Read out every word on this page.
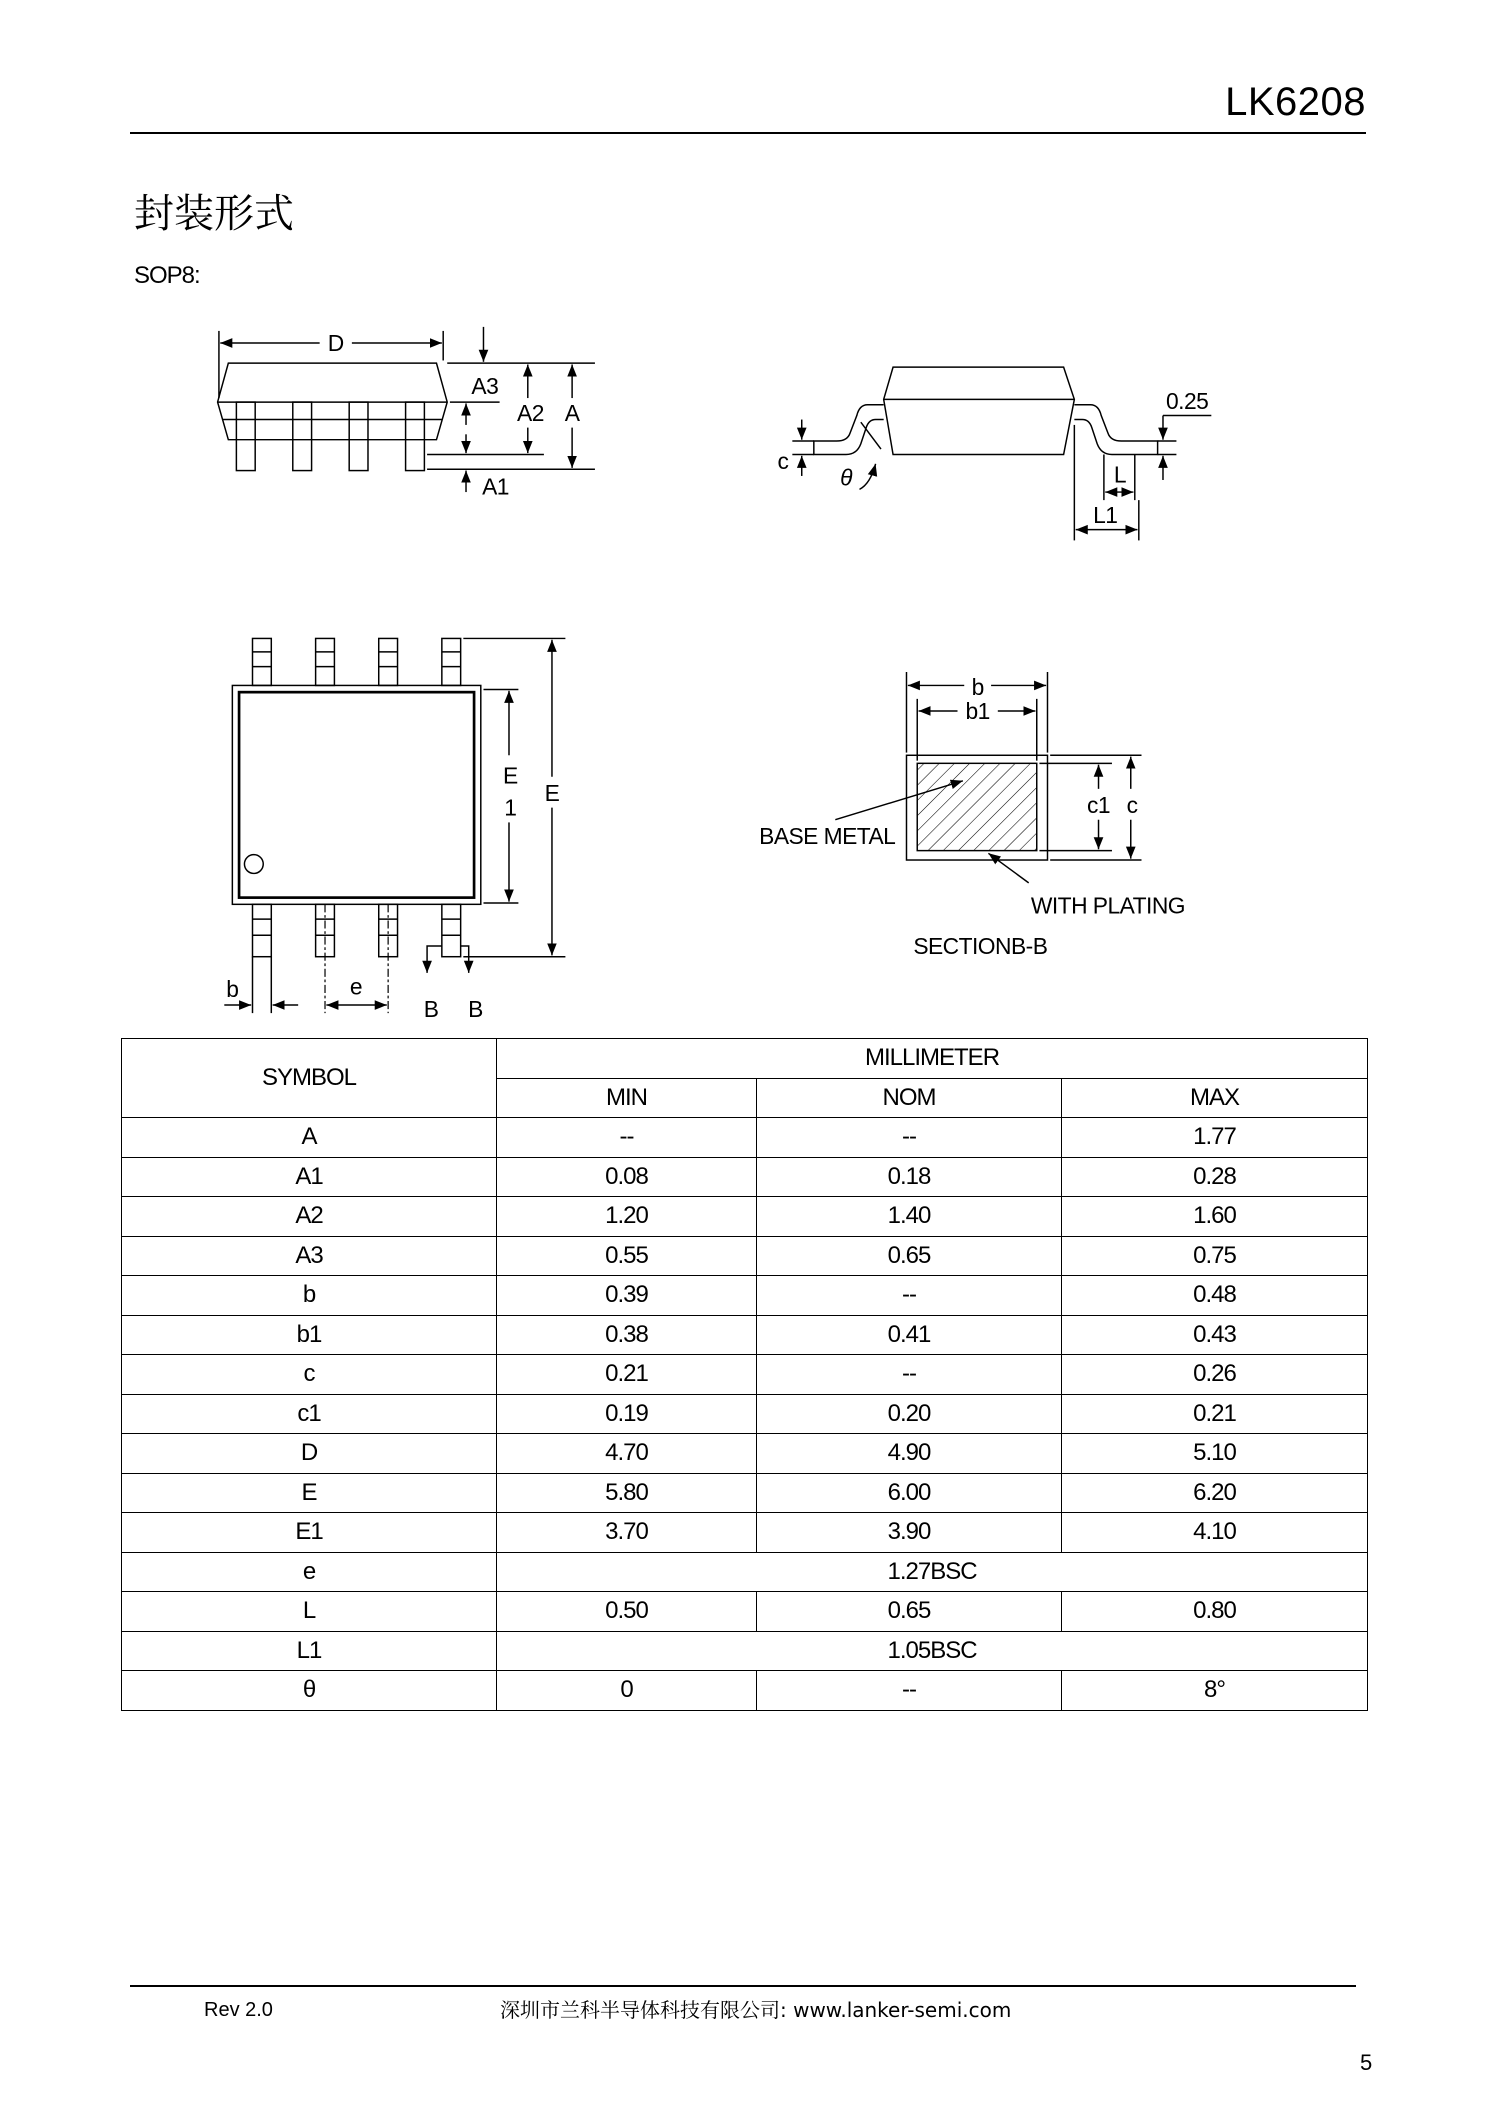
LK6208
封装形式
SOP8:
D
A3
A1
A2 A
c
θ
0.25
L
L1
E
1
E
b	e
B B
b
b1
c1 c
BASE METAL
WITH PLATING
SECTIONB-B
SYMBOL	MILLIMETER		
	MIN	NOM	MAX
A	--	--	1.77
A1	0.08	0.18	0.28
A2	1.20	1.40	1.60
A3	0.55	0.65	0.75
b	0.39	--	0.48
b1	0.38	0.41	0.43
c	0.21	--	0.26
c1	0.19	0.20	0.21
D	4.70	4.90	5.10
E	5.80	6.00	6.20
E1	3.70	3.90	4.10
e	1.27BSC		
L	0.50	0.65	0.80
L1	1.05BSC		
θ	0	--	8°
Rev 2.0	深圳市兰科半导体科技有限公司: www.lanker-semi.com
5
